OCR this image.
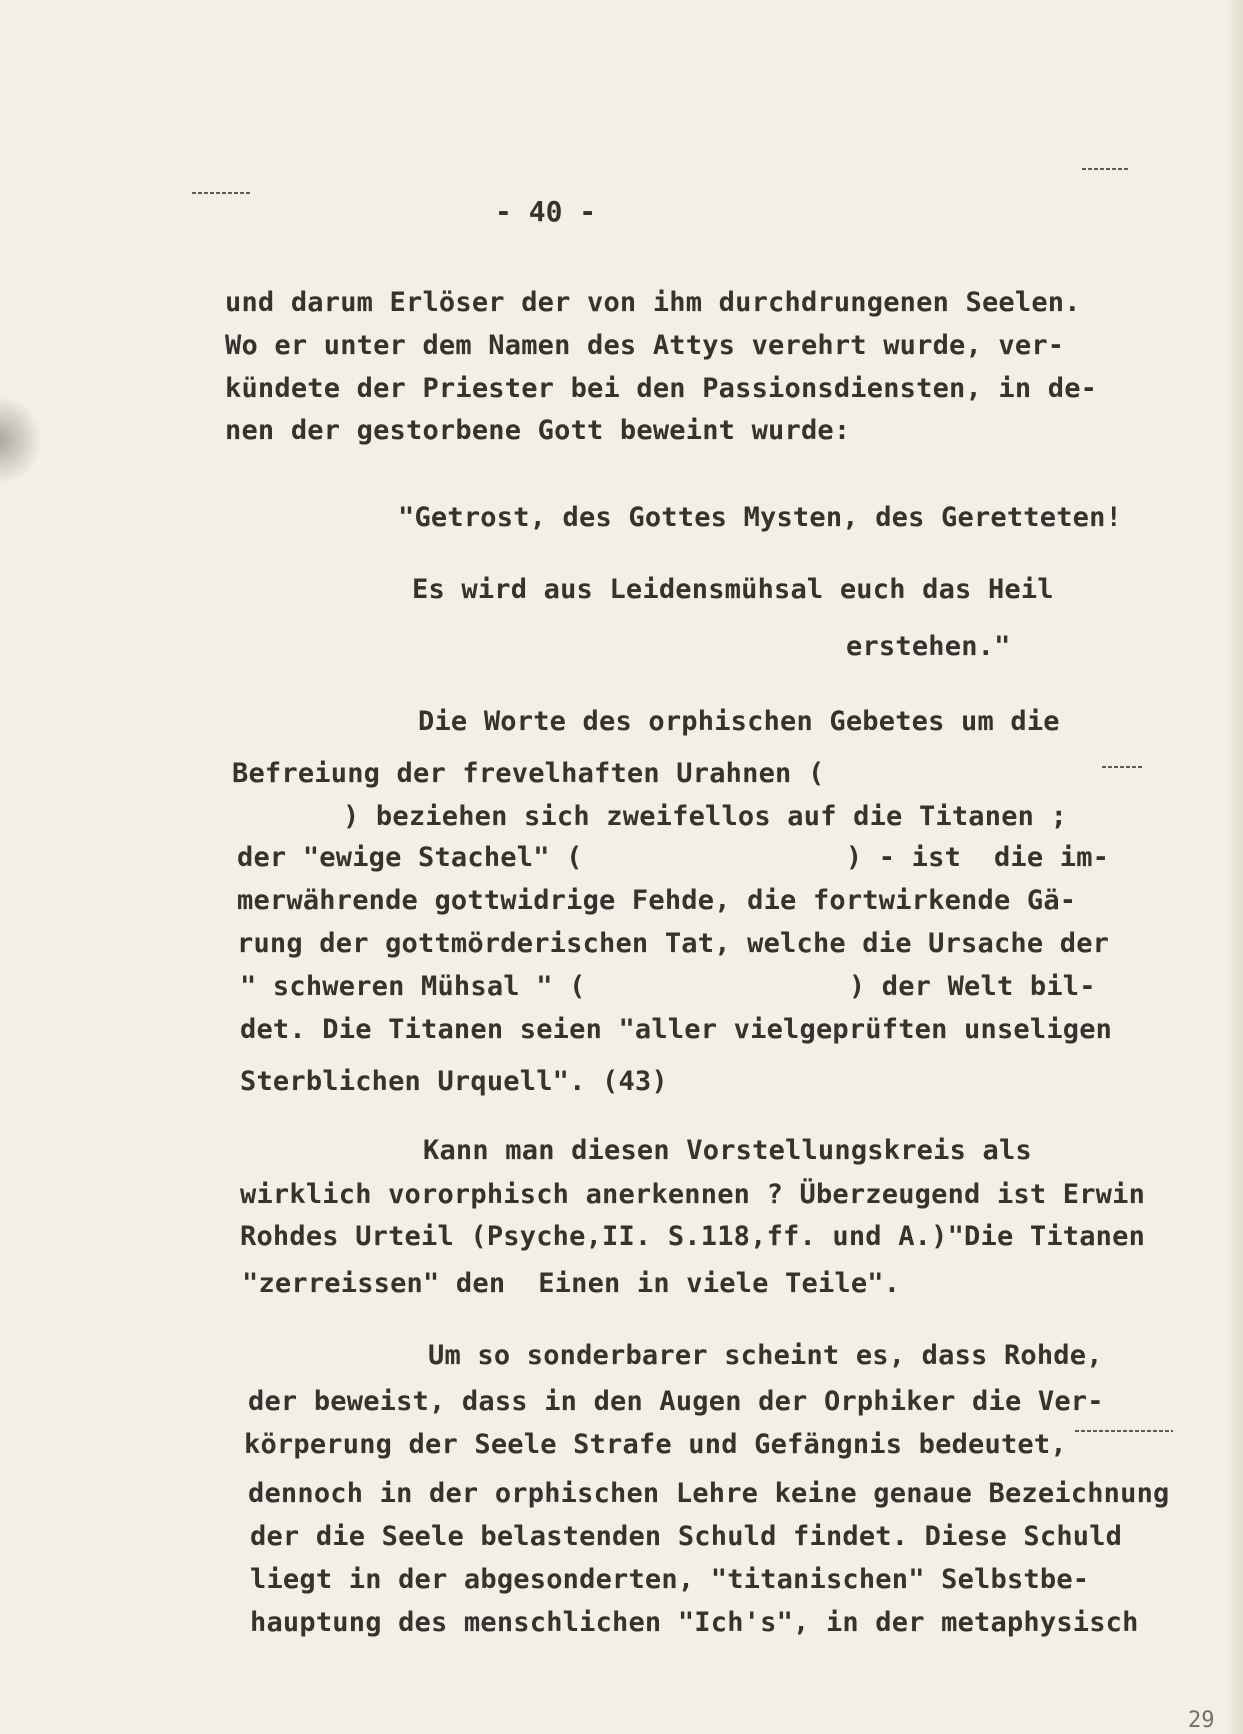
- 40 -
und darum Erlöser der von ihm durchdrungenen Seelen.
Wo er unter dem Namen des Attys verehrt wurde, ver-
kündete der Priester bei den Passionsdiensten, in de-
nen der gestorbene Gott beweint wurde:
"Getrost, des Gottes Mysten, des Geretteten!
Es wird aus Leidensmühsal euch das Heil
erstehen."
Die Worte des orphischen Gebetes um die
Befreiung der frevelhaften Urahnen (
) beziehen sich zweifellos auf die Titanen ;
der "ewige Stachel" (                ) - ist  die im-
merwährende gottwidrige Fehde, die fortwirkende Gä-
rung der gottmörderischen Tat, welche die Ursache der
" schweren Mühsal " (                ) der Welt bil-
det. Die Titanen seien "aller vielgeprüften unseligen
Sterblichen Urquell". (43)
Kann man diesen Vorstellungskreis als
wirklich vororphisch anerkennen ? Überzeugend ist Erwin
Rohdes Urteil (Psyche,II. S.118,ff. und A.)"Die Titanen
"zerreissen" den  Einen in viele Teile".
Um so sonderbarer scheint es, dass Rohde,
der beweist, dass in den Augen der Orphiker die Ver-
körperung der Seele Strafe und Gefängnis bedeutet,
dennoch in der orphischen Lehre keine genaue Bezeichnung
der die Seele belastenden Schuld findet. Diese Schuld
liegt in der abgesonderten, "titanischen" Selbstbe-
hauptung des menschlichen "Ich's", in der metaphysisch
29
